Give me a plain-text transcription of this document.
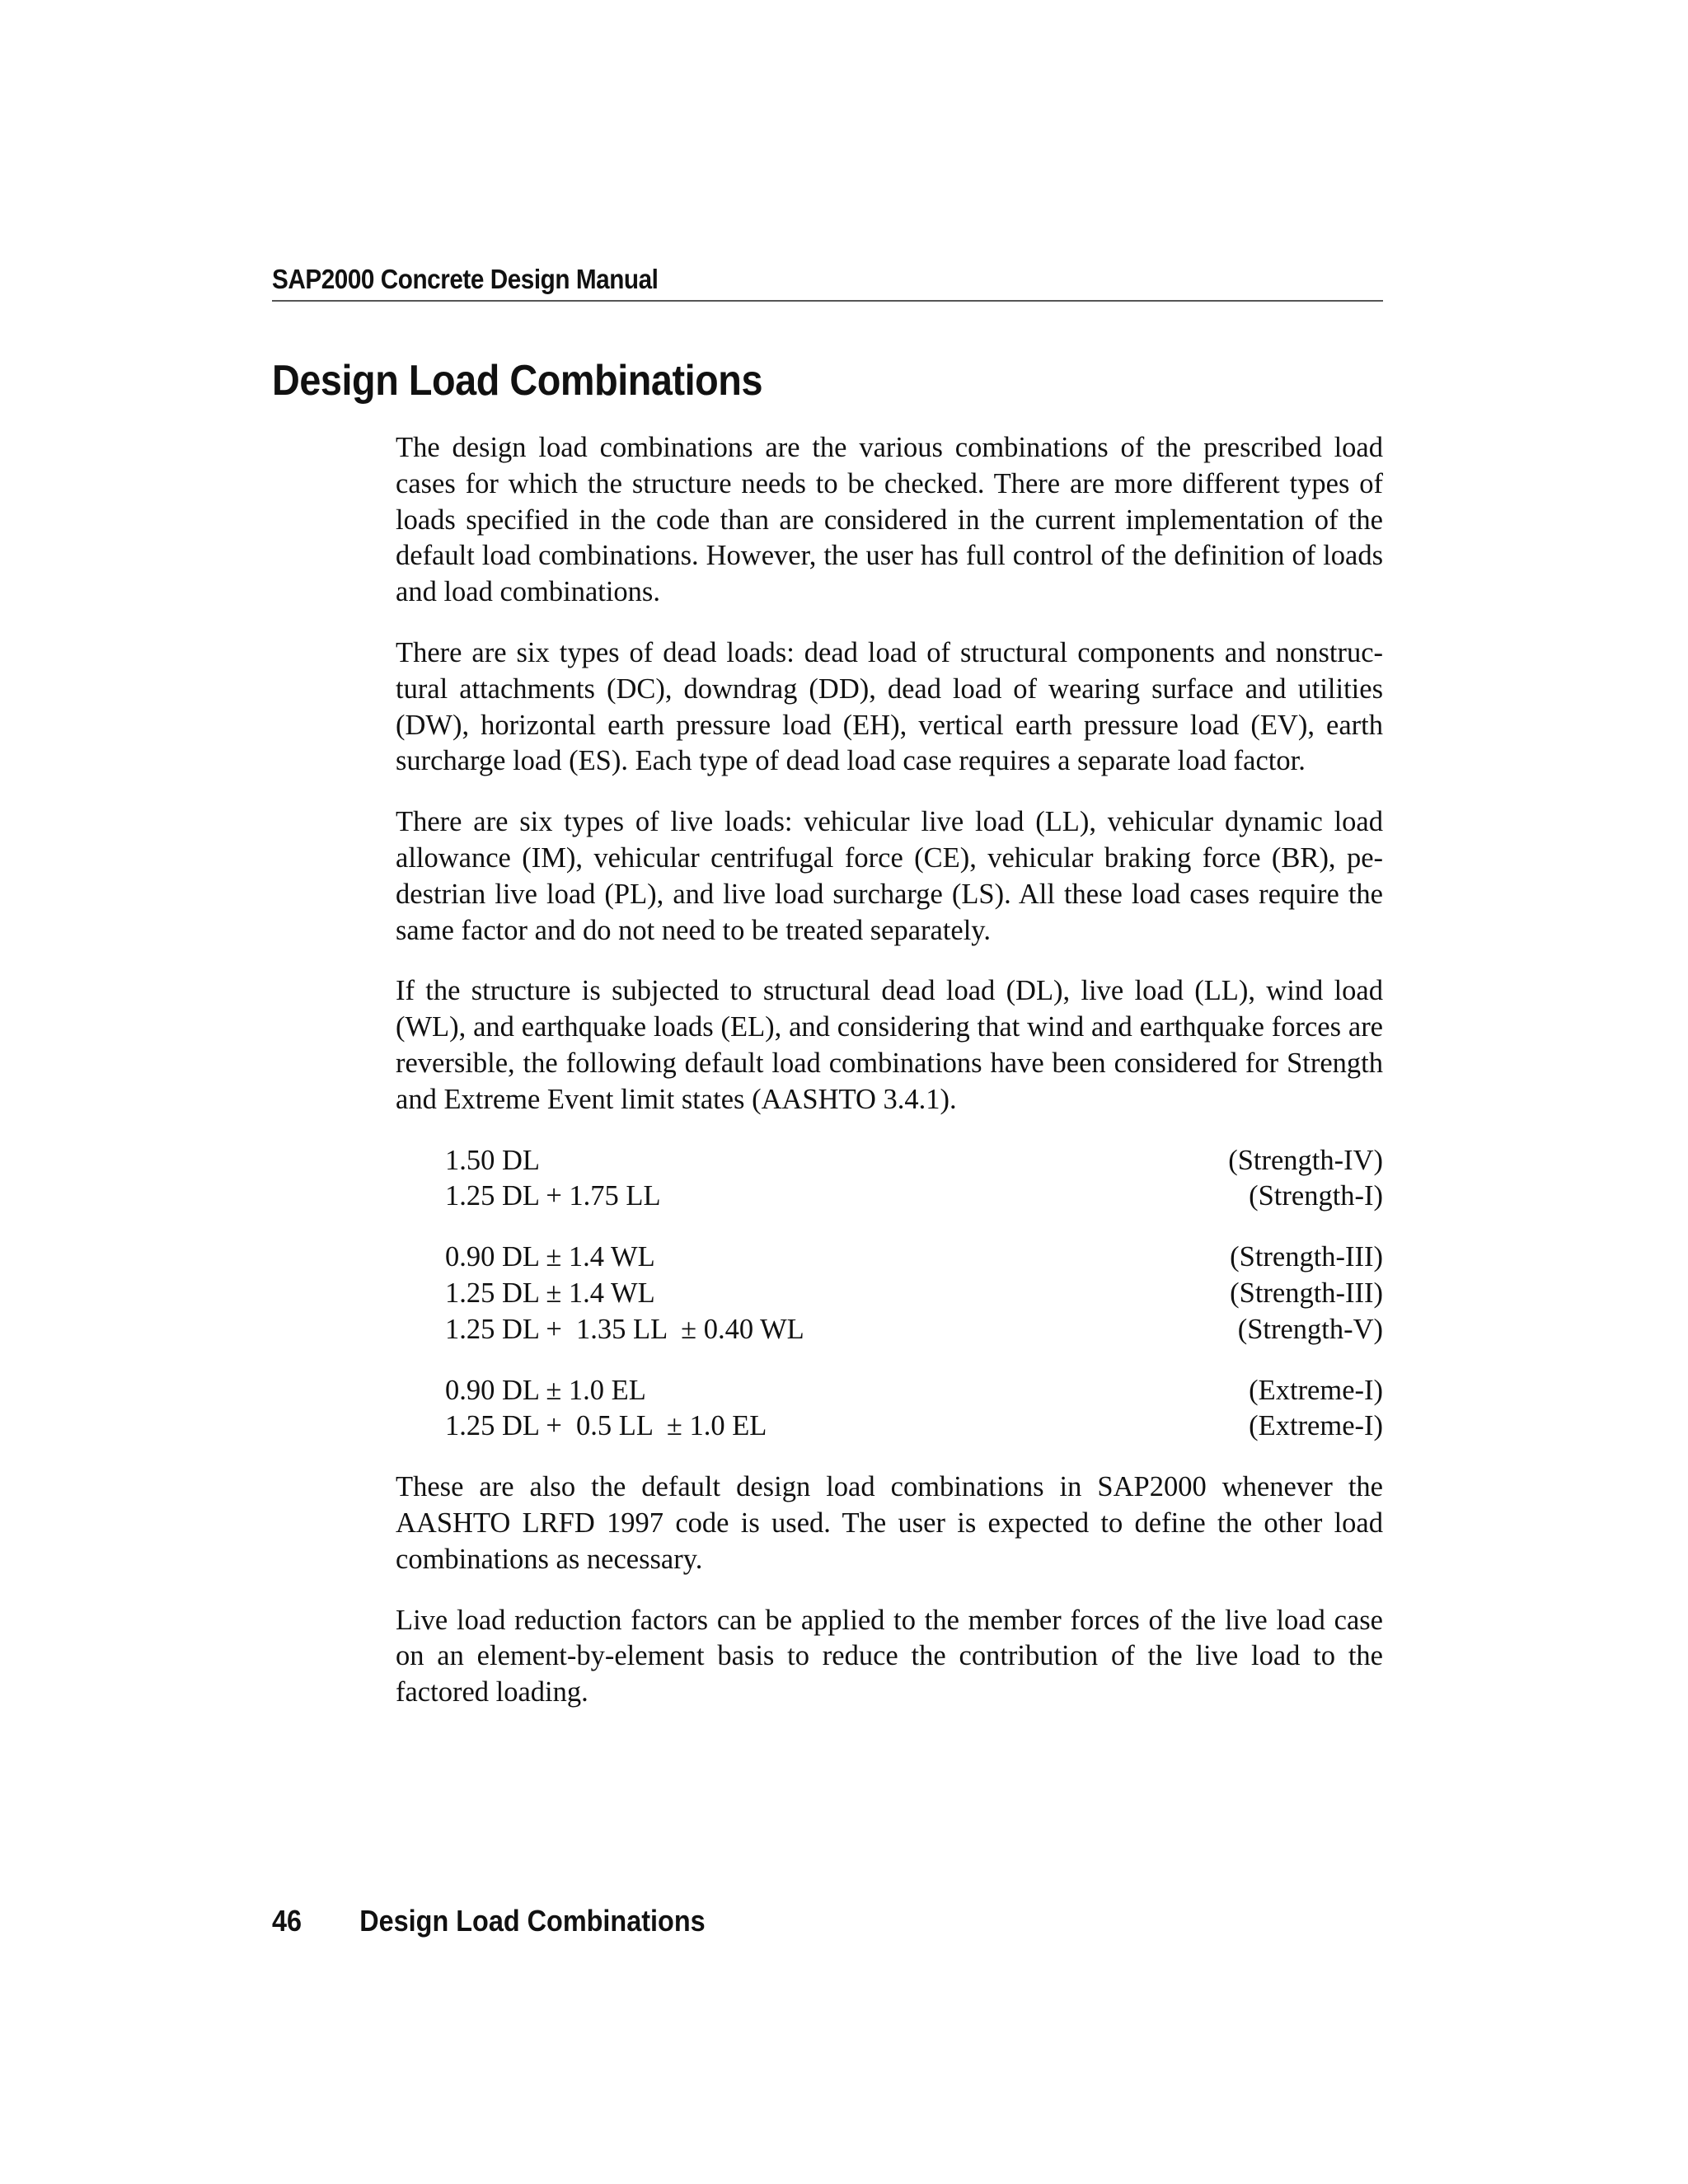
SAP2000 Concrete Design Manual
Design Load Combinations

The design load combinations are the various combinations of the prescribed load cases for which the structure needs to be checked. There are more different types of loads specified in the code than are considered in the current implementation of the default load combinations. However, the user has full control of the definition of loads and load combinations.

There are six types of dead loads: dead load of structural components and nonstruc-tural attachments (DC), downdrag (DD), dead load of wearing surface and utilities (DW), horizontal earth pressure load (EH), vertical earth pressure load (EV), earth surcharge load (ES). Each type of dead load case requires a separate load factor.

There are six types of live loads: vehicular live load (LL), vehicular dynamic load allowance (IM), vehicular centrifugal force (CE), vehicular braking force (BR), pe-destrian live load (PL), and live load surcharge (LS). All these load cases require the same factor and do not need to be treated separately.

If the structure is subjected to structural dead load (DL), live load (LL), wind load (WL), and earthquake loads (EL), and considering that wind and earthquake forces are reversible, the following default load combinations have been considered for Strength and Extreme Event limit states (AASHTO 3.4.1).

1.50 DL	(Strength-IV)
1.25 DL + 1.75 LL	(Strength-I)
0.90 DL ± 1.4 WL	(Strength-III)
1.25 DL ± 1.4 WL	(Strength-III)
1.25 DL +  1.35 LL  ± 0.40 WL	(Strength-V)
0.90 DL ± 1.0 EL	(Extreme-I)
1.25 DL +  0.5 LL  ± 1.0 EL	(Extreme-I)

These are also the default design load combinations in SAP2000 whenever the AASHTO LRFD 1997 code is used. The user is expected to define the other load combinations as necessary.

Live load reduction factors can be applied to the member forces of the live load case on an element-by-element basis to reduce the contribution of the live load to the factored loading.

46 Design Load Combinations
